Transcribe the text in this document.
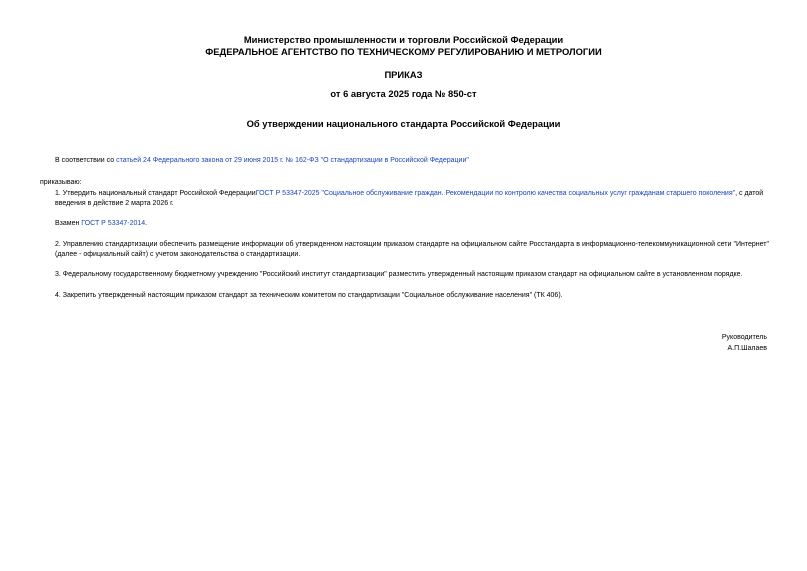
Министерство промышленности и торговли Российской Федерации
ФЕДЕРАЛЬНОЕ АГЕНТСТВО ПО ТЕХНИЧЕСКОМУ РЕГУЛИРОВАНИЮ И МЕТРОЛОГИИ
ПРИКАЗ
от 6 августа 2025 года № 850-ст
Об утверждении национального стандарта Российской Федерации
В соответствии со статьей 24 Федерального закона от 29 июня 2015 г. № 162-ФЗ "О стандартизации в Российской Федерации"
приказываю:
1. Утвердить национальный стандарт Российской ФедерацииГОСТ Р 53347-2025 "Социальное обслуживание граждан. Рекомендации по контролю качества социальных услуг гражданам старшего поколения", с датой введения в действие 2 марта 2026 г.
Взамен ГОСТ Р 53347-2014.
2. Управлению стандартизации обеспечить размещение информации об утвержденном настоящим приказом стандарте на официальном сайте Росстандарта в информационно-телекоммуникационной сети "Интернет" (далее - официальный сайт) с учетом законодательства о стандартизации.
3. Федеральному государственному бюджетному учреждению "Российский институт стандартизации" разместить утвержденный настоящим приказом стандарт на официальном сайте в установленном порядке.
4. Закрепить утвержденный настоящим приказом стандарт за техническим комитетом по стандартизации "Социальное обслуживание населения" (ТК 406).
Руководитель
А.П.Шалаев
